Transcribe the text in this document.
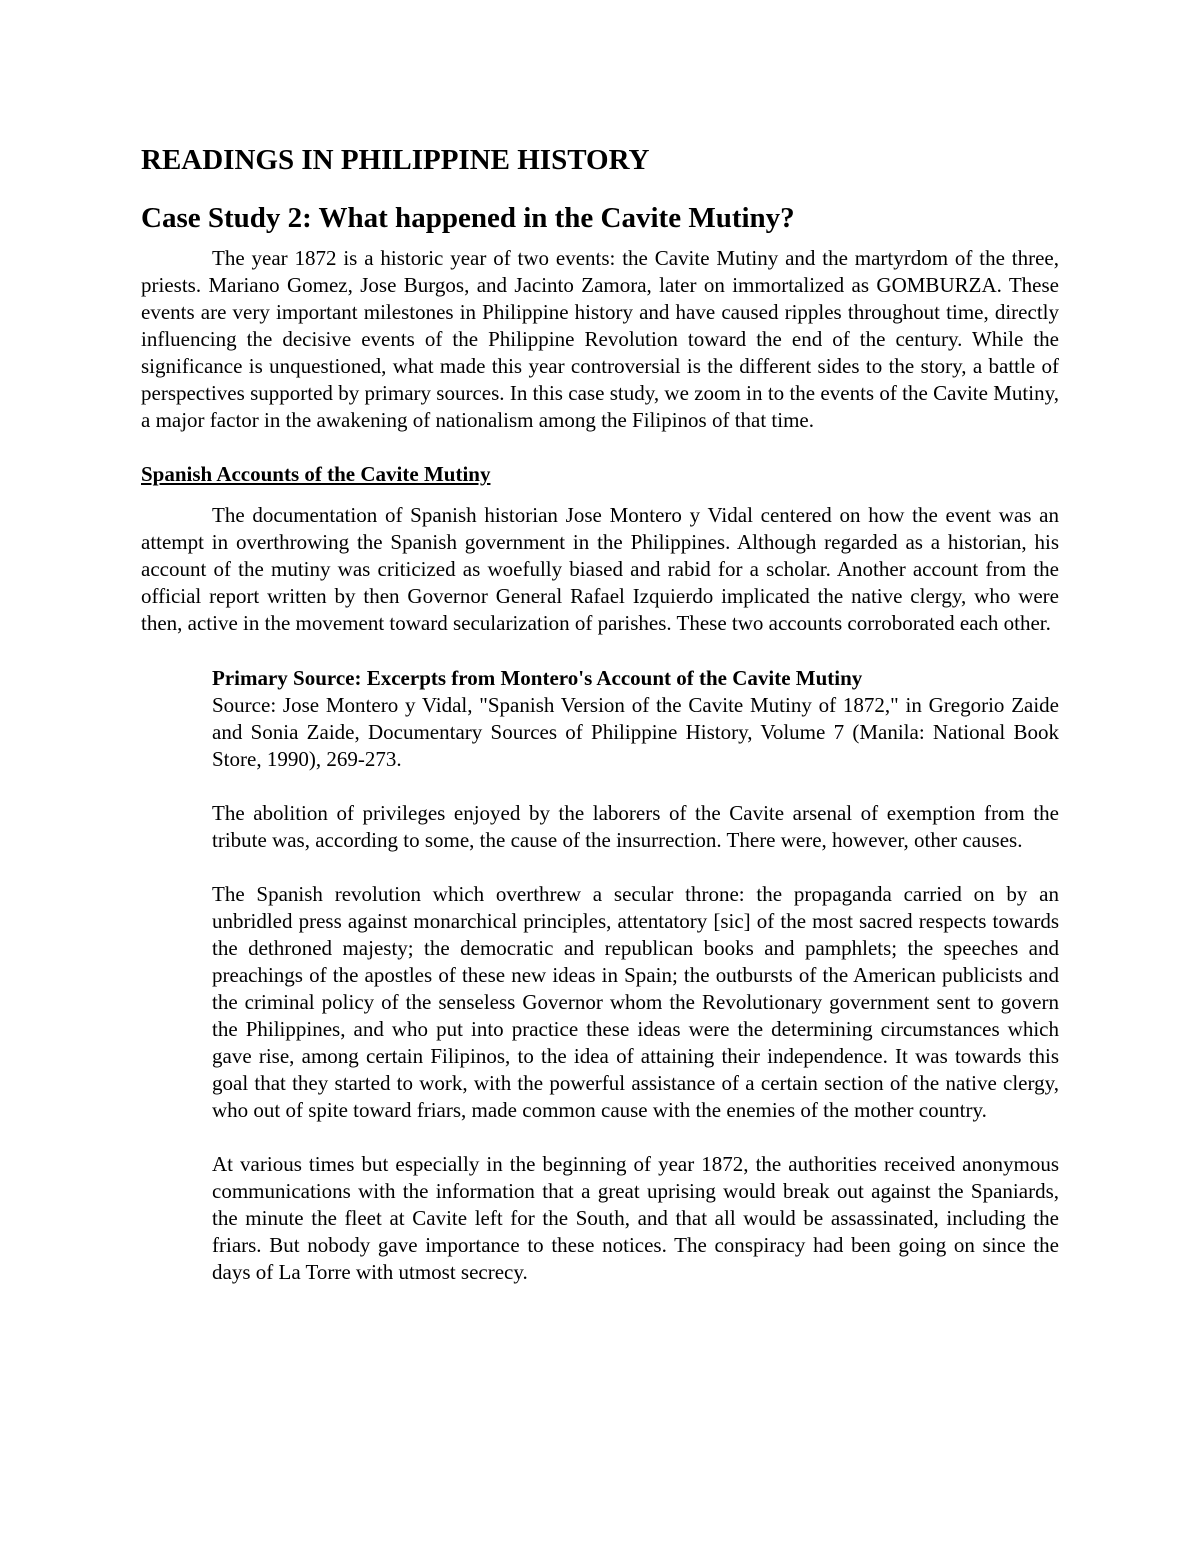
READINGS IN PHILIPPINE HISTORY
Case Study 2: What happened in the Cavite Mutiny?

The year 1872 is a historic year of two events: the Cavite Mutiny and the martyrdom of the three, priests. Mariano Gomez, Jose Burgos, and Jacinto Zamora, later on immortalized as GOMBURZA. These events are very important milestones in Philippine history and have caused ripples throughout time, directly influencing the decisive events of the Philippine Revolution toward the end of the century. While the significance is unquestioned, what made this year controversial is the different sides to the story, a battle of perspectives supported by primary sources. In this case study, we zoom in to the events of the Cavite Mutiny, a major factor in the awakening of nationalism among the Filipinos of that time.

Spanish Accounts of the Cavite Mutiny

The documentation of Spanish historian Jose Montero y Vidal centered on how the event was an attempt in overthrowing the Spanish government in the Philippines. Although regarded as a historian, his account of the mutiny was criticized as woefully biased and rabid for a scholar. Another account from the official report written by then Governor General Rafael Izquierdo implicated the native clergy, who were then, active in the movement toward secularization of parishes. These two accounts corroborated each other.

Primary Source: Excerpts from Montero's Account of the Cavite Mutiny

Source: Jose Montero y Vidal, "Spanish Version of the Cavite Mutiny of 1872," in Gregorio Zaide and Sonia Zaide, Documentary Sources of Philippine History, Volume 7 (Manila: National Book Store, 1990), 269-273.

The abolition of privileges enjoyed by the laborers of the Cavite arsenal of exemption from the tribute was, according to some, the cause of the insurrection. There were, however, other causes.

The Spanish revolution which overthrew a secular throne: the propaganda carried on by an unbridled press against monarchical principles, attentatory [sic] of the most sacred respects towards the dethroned majesty; the democratic and republican books and pamphlets; the speeches and preachings of the apostles of these new ideas in Spain; the outbursts of the American publicists and the criminal policy of the senseless Governor whom the Revolutionary government sent to govern the Philippines, and who put into practice these ideas were the determining circumstances which gave rise, among certain Filipinos, to the idea of attaining their independence. It was towards this goal that they started to work, with the powerful assistance of a certain section of the native clergy, who out of spite toward friars, made common cause with the enemies of the mother country.

At various times but especially in the beginning of year 1872, the authorities received anonymous communications with the information that a great uprising would break out against the Spaniards, the minute the fleet at Cavite left for the South, and that all would be assassinated, including the friars. But nobody gave importance to these notices. The conspiracy had been going on since the days of La Torre with utmost secrecy.
